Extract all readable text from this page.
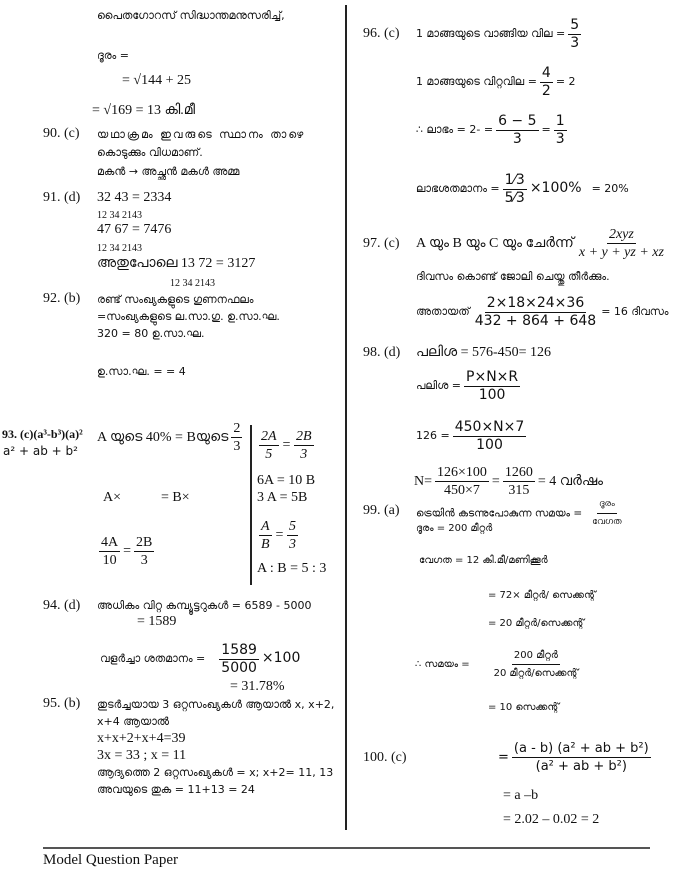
പൈതഗോറസ് സിദ്ധാന്തമനുസരിച്ച്,
ദൂരം =
= √144 + 25
= √169 = 13 കി.മീ
90. (c) യഥാക്രമം ഇവരുടെ സ്ഥാനം താഴെ
കൊടുക്കും വിധമാണ്.
മകൻ → അച്ഛൻ മകൾ അമ്മ
91. (d) 32 43 = 2334
12 34 2143
47 67 = 7476
12 34 2143
അതുപോലെ 13 72 = 3127
12 34 2143
92. (b) രണ്ട് സംഖ്യകളുടെ ഗുണനഫലം
=സംഖ്യകളുടെ ല.സാ.ഗു. ഉ.സാ.ഘ.
320 = 80 ഉ.സാ.ഘ.
ഉ.സാ.ഘ. = = 4
93. (c)(a³-b³)(a)²
a² + ab + b²
A യുടെ 40% = Bയുടെ $\frac{2}{3}$
A×	= B×
$\frac{4A}{10} = \frac{2B}{3}$
$\frac{2A}{5} = \frac{2B}{3}$
6A = 10 B
3 A = 5B
$\frac{A}{B} = \frac{5}{3}$
A : B = 5 : 3
94. (d) അധികം വിറ്റ കമ്പ്യൂട്ടറുകൾ = 6589 - 5000
= 1589
വളർച്ചാ ശതമാനം = $\frac{1589}{5000} \times 100$
= 31.78%
95. (b) തുടർച്ചയായ 3 ഒറ്റസംഖ്യകൾ ആയാൽ x, x+2,
x+4 ആയാൽ
x+x+2+x+4=39
3x = 33 ; x = 11
ആദ്യത്തെ 2 ഒറ്റസംഖ്യകൾ = x; x+2= 11, 13
അവയുടെ തുക = 11+13 = 24
96. (c) 1 മാങ്ങയുടെ വാങ്ങിയ വില = $\frac{5}{3}$
1 മാങ്ങയുടെ വിറ്റവില = $\frac{4}{2} = 2$
∴ ലാഭം = $2- = \frac{6 - 5}{3} = \frac{1}{3}$
ലാഭശതമാനം = $\frac{1⁄3}{5⁄3} \times 100\% = 20\%$
97. (c) A യും B യും C യും ചേർന്ന്
2xyz
x + y + yz + xz
ദിവസം കൊണ്ട് ജോലി ചെയ്തു തീർക്കും.
അതായത് $\frac{2\times 18\times 24\times 36}{432 + 864 + 648} = 16$ ദിവസം
98. (d) പലിശ = 576-450= 126
പലിശ = $\frac{P\times N\times R}{100}$
$126 = \frac{450\times N\times 7}{100}$
$N= \frac{126\times 100}{450\times 7} = \frac{1260}{315} = 4$ വർഷം
99. (a) ട്രെയിൻ കടന്നുപോകുന്ന സമയം =
ദൂരം
വേഗത
ദൂരം = 200 മീറ്റർ
വേഗത = 12 കി.മീ/മണിക്കൂർ
= 72× മീറ്റർ/ സെക്കന്റ്
= 20 മീറ്റർ/സെക്കന്റ്
∴ സമയം =
200 മീറ്റർ
20 മീറ്റർ/സെക്കന്റ്
= 10 സെക്കന്റ്
100. (c)	= $\frac{\text{(a - b) (a² + ab + b²)}}{\text{(a² + ab + b²)}}$
= a –b
= 2.02 – 0.02 = 2
Model Question Paper
